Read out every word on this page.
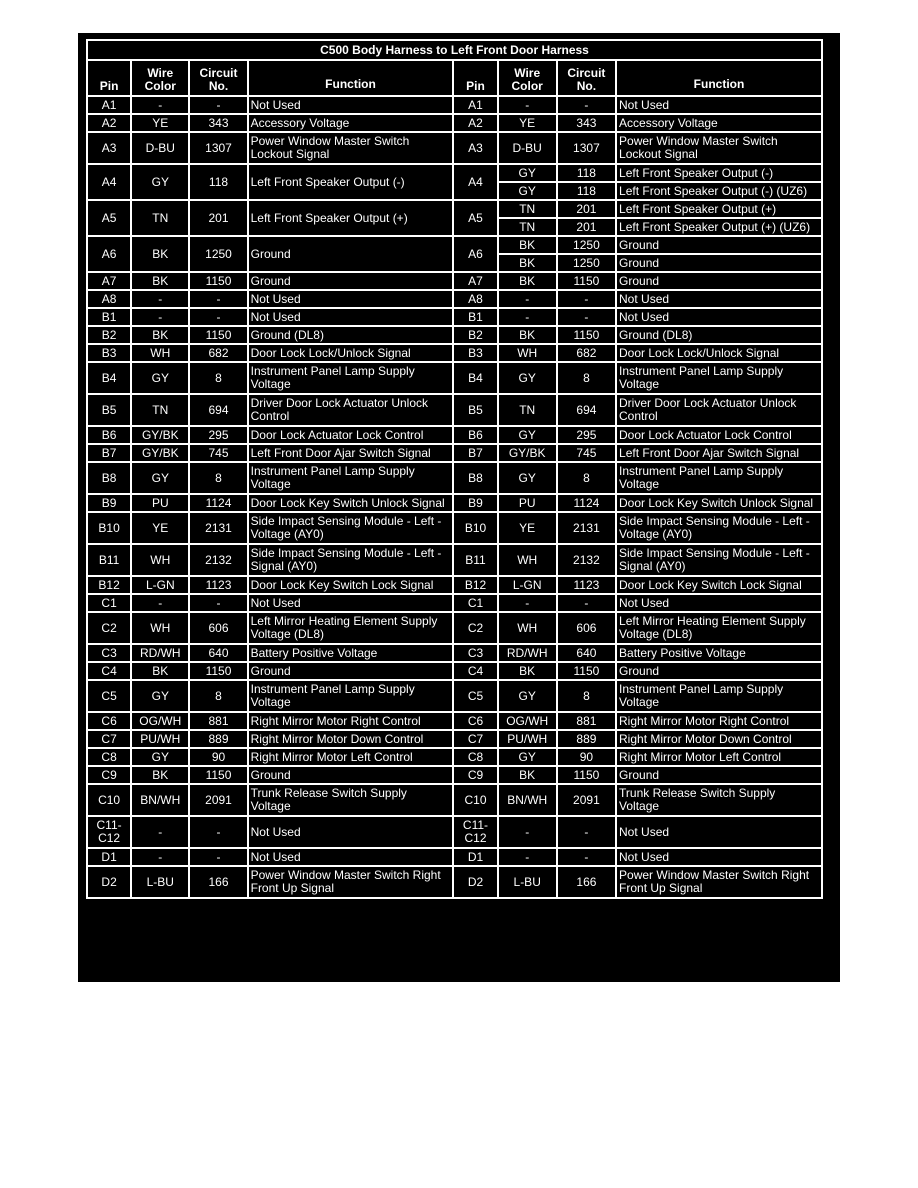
C500 Body Harness to Left Front Door Harness							
Pin	Wire Color	Circuit No.	Function	Pin	Wire Color	Circuit No.	Function
A1	-	-	Not Used	A1	-	-	Not Used
A2	YE	343	Accessory Voltage	A2	YE	343	Accessory Voltage
A3	D-BU	1307	Power Window Master Switch Lockout Signal	A3	D-BU	1307	Power Window Master Switch Lockout Signal
A4	GY	118	Left Front Speaker Output (-)	A4	GY	118	Left Front Speaker Output (-)
					GY	118	Left Front Speaker Output (-) (UZ6)
A5	TN	201	Left Front Speaker Output (+)	A5	TN	201	Left Front Speaker Output (+)
					TN	201	Left Front Speaker Output (+) (UZ6)
A6	BK	1250	Ground	A6	BK	1250	Ground
					BK	1250	Ground
A7	BK	1150	Ground	A7	BK	1150	Ground
A8	-	-	Not Used	A8	-	-	Not Used
B1	-	-	Not Used	B1	-	-	Not Used
B2	BK	1150	Ground (DL8)	B2	BK	1150	Ground (DL8)
B3	WH	682	Door Lock Lock/Unlock Signal	B3	WH	682	Door Lock Lock/Unlock Signal
B4	GY	8	Instrument Panel Lamp Supply Voltage	B4	GY	8	Instrument Panel Lamp Supply Voltage
B5	TN	694	Driver Door Lock Actuator Unlock Control	B5	TN	694	Driver Door Lock Actuator Unlock Control
B6	GY/BK	295	Door Lock Actuator Lock Control	B6	GY	295	Door Lock Actuator Lock Control
B7	GY/BK	745	Left Front Door Ajar Switch Signal	B7	GY/BK	745	Left Front Door Ajar Switch Signal
B8	GY	8	Instrument Panel Lamp Supply Voltage	B8	GY	8	Instrument Panel Lamp Supply Voltage
B9	PU	1124	Door Lock Key Switch Unlock Signal	B9	PU	1124	Door Lock Key Switch Unlock Signal
B10	YE	2131	Side Impact Sensing Module - Left - Voltage (AY0)	B10	YE	2131	Side Impact Sensing Module - Left - Voltage (AY0)
B11	WH	2132	Side Impact Sensing Module - Left - Signal (AY0)	B11	WH	2132	Side Impact Sensing Module - Left - Signal (AY0)
B12	L-GN	1123	Door Lock Key Switch Lock Signal	B12	L-GN	1123	Door Lock Key Switch Lock Signal
C1	-	-	Not Used	C1	-	-	Not Used
C2	WH	606	Left Mirror Heating Element Supply Voltage (DL8)	C2	WH	606	Left Mirror Heating Element Supply Voltage (DL8)
C3	RD/WH	640	Battery Positive Voltage	C3	RD/WH	640	Battery Positive Voltage
C4	BK	1150	Ground	C4	BK	1150	Ground
C5	GY	8	Instrument Panel Lamp Supply Voltage	C5	GY	8	Instrument Panel Lamp Supply Voltage
C6	OG/WH	881	Right Mirror Motor Right Control	C6	OG/WH	881	Right Mirror Motor Right Control
C7	PU/WH	889	Right Mirror Motor Down Control	C7	PU/WH	889	Right Mirror Motor Down Control
C8	GY	90	Right Mirror Motor Left Control	C8	GY	90	Right Mirror Motor Left Control
C9	BK	1150	Ground	C9	BK	1150	Ground
C10	BN/WH	2091	Trunk Release Switch Supply Voltage	C10	BN/WH	2091	Trunk Release Switch Supply Voltage
C11-C12	-	-	Not Used	C11-C12	-	-	Not Used
D1	-	-	Not Used	D1	-	-	Not Used
D2	L-BU	166	Power Window Master Switch Right Front Up Signal	D2	L-BU	166	Power Window Master Switch Right Front Up Signal
